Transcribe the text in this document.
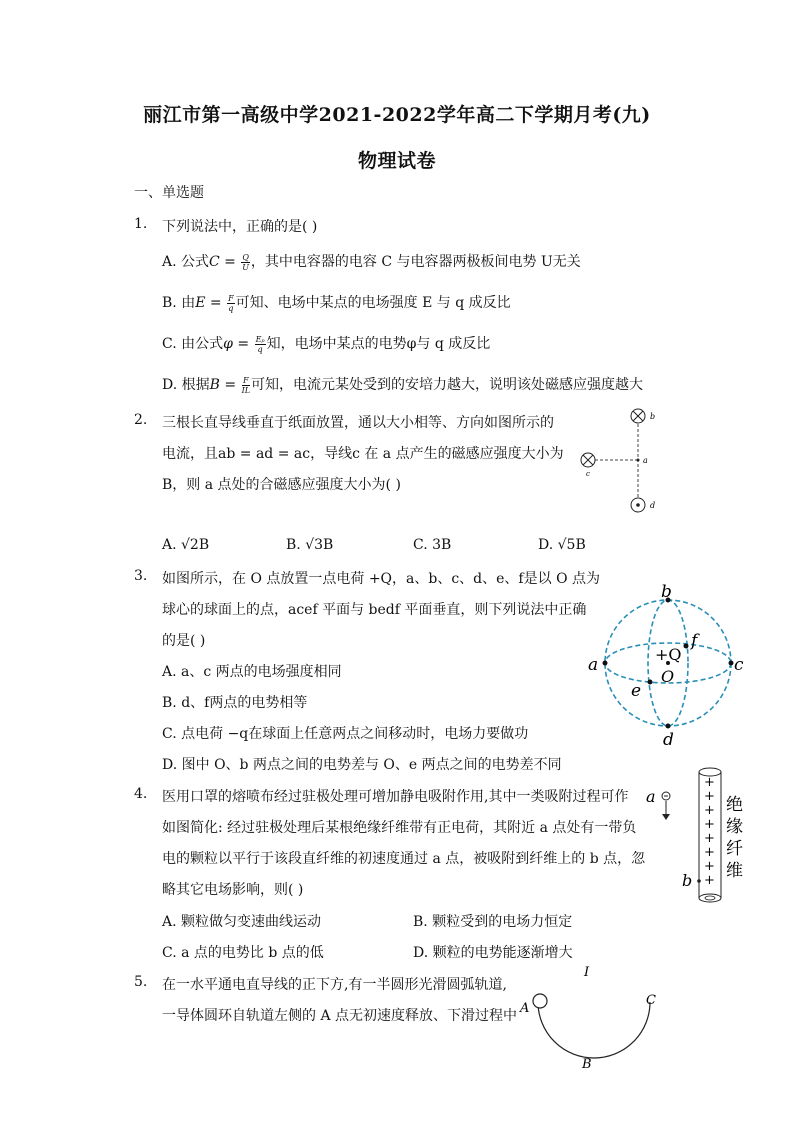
丽江市第一高级中学2021-2022学年高二下学期月考(九)
物理试卷
一、单选题
1. 下列说法中，正确的是( )
A. 公式$C = \frac{Q}{U}$ ，其中电容器的电容 C 与电容器两极板间电势 U无关
B. 由$E = \frac{F}{q}$ 可知、电场中某点的电场强度 E 与 q 成反比
C. 由公式$\varphi = \frac{\text{Eₚ}}{q}$ 知，电场中某点的电势φ与 q 成反比
D. 根据$B = \frac{F}{IL}$ 可知，电流元某处受到的安培力越大，说明该处磁感应强度越大
2. 三根长直导线垂直于纸面放置，通以大小相等、方向如图所示的
电流，且ab = ad = ac，导线c 在 a 点产生的磁感应强度大小为
B，则 a 点处的合磁感应强度大小为( )
A. √2B	B. √3B	C. 3B	D. √5B
b
a
c
d
3. 如图所示，在 O 点放置一点电荷 +Q，a、b、c、d、e、f是以 O 点为
球心的球面上的点，acef 平面与 bedf 平面垂直，则下列说法中正确
的是( )
A. a、c 两点的电场强度相同
B. d、f两点的电势相等
C. 点电荷 −q在球面上任意两点之间移动时，电场力要做功
D. 图中 O、b 两点之间的电势差与 O、e 两点之间的电势差不同
b
d
a	c
e
f
+Q
O
4. 医用口罩的熔喷布经过驻极处理可增加静电吸附作用,其中一类吸附过程可作
如图简化: 经过驻极处理后某根绝缘纤维带有正电荷，其附近 a 点处有一带负
电的颗粒以平行于该段直纤维的初速度通过 a 点，被吸附到纤维上的 b 点，忽
略其它电场影响，则( )
A. 颗粒做匀变速曲线运动	B. 颗粒受到的电场力恒定
C. a 点的电势比 b 点的低	D. 颗粒的电势能逐渐增大
a
+
+
+
+
+
+
+
+
b
绝
缘
纤
维
5. 在一水平通电直导线的正下方,有一半圆形光滑圆弧轨道,
一导体圆环自轨道左侧的 A 点无初速度释放、下滑过程中
I
A
C
B
